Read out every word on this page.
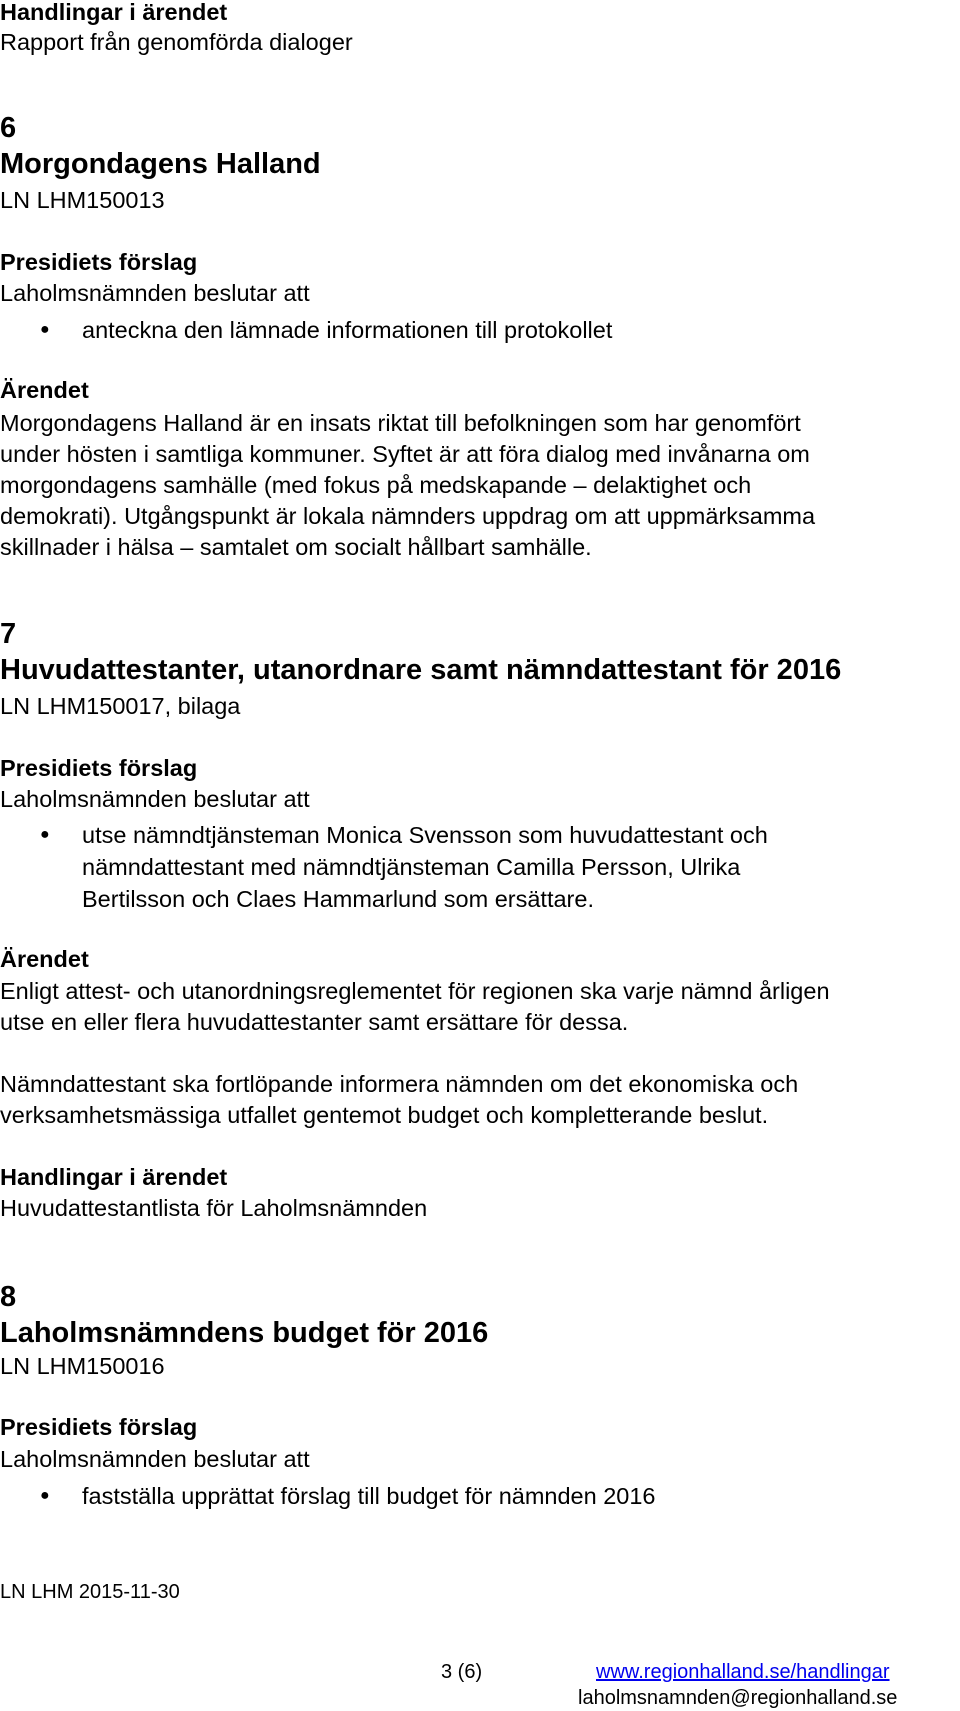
Handlingar i ärendet
Rapport från genomförda dialoger
6
Morgondagens Halland
LN LHM150013
Presidiets förslag
Laholmsnämnden beslutar att
● anteckna den lämnade informationen till protokollet
Ärendet
Morgondagens Halland är en insats riktat till befolkningen som har genomfört
under hösten i samtliga kommuner. Syftet är att föra dialog med invånarna om
morgondagens samhälle (med fokus på medskapande – delaktighet och
demokrati). Utgångspunkt är lokala nämnders uppdrag om att uppmärksamma
skillnader i hälsa – samtalet om socialt hållbart samhälle.
7
Huvudattestanter, utanordnare samt nämndattestant för 2016
LN LHM150017, bilaga
Presidiets förslag
Laholmsnämnden beslutar att
● utse nämndtjänsteman Monica Svensson som huvudattestant och
nämndattestant med nämndtjänsteman Camilla Persson, Ulrika
Bertilsson och Claes Hammarlund som ersättare.
Ärendet
Enligt attest- och utanordningsreglementet för regionen ska varje nämnd årligen
utse en eller flera huvudattestanter samt ersättare för dessa.
Nämndattestant ska fortlöpande informera nämnden om det ekonomiska och
verksamhetsmässiga utfallet gentemot budget och kompletterande beslut.
Handlingar i ärendet
Huvudattestantlista för Laholmsnämnden
8
Laholmsnämndens budget för 2016
LN LHM150016
Presidiets förslag
Laholmsnämnden beslutar att
● fastställa upprättat förslag till budget för nämnden 2016
LN LHM 2015-11-30
3 (6)	www.regionhalland.se/handlingar
laholmsnamnden@regionhalland.se
